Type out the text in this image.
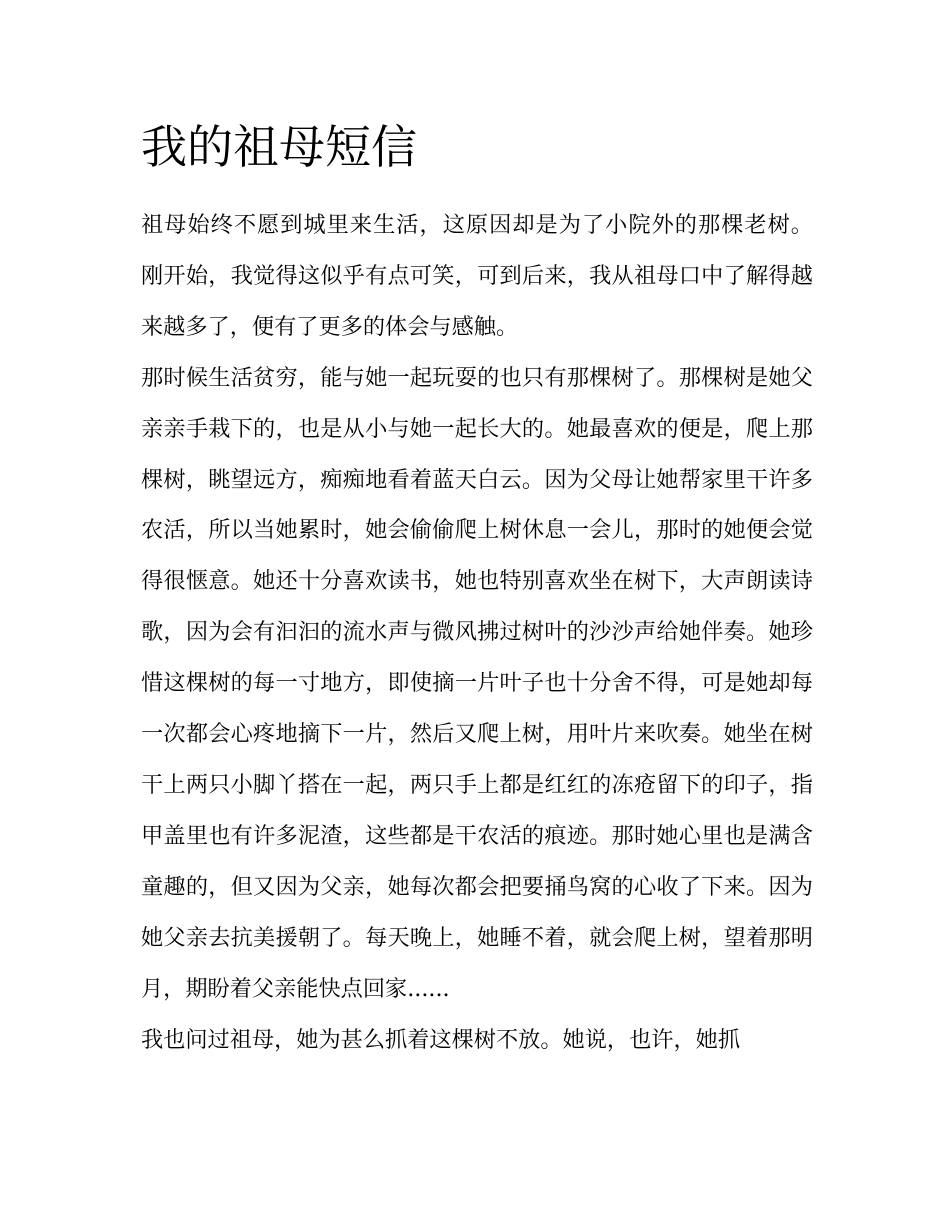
我的祖母短信

祖母始终不愿到城里来生活，这原因却是为了小院外的那棵老树。 刚开始，我觉得这似乎有点可笑，可到后来，我从祖母口中了解得越来越多了，便有了更多的体会与感触。

那时候生活贫穷，能与她一起玩耍的也只有那棵树了。那棵树是她父亲亲手栽下的，也是从小与她一起长大的。她最喜欢的便是，爬上那棵树，眺望远方，痴痴地看着蓝天白云。因为父母让她帮家里干许多农活，所以当她累时，她会偷偷爬上树休息一会儿，那时的她便会觉得很惬意。她还十分喜欢读书，她也特别喜欢坐在树下，大声朗读诗歌，因为会有汩汩的流水声与微风拂过树叶的沙沙声给她伴奏。她珍惜这棵树的每一寸地方，即使摘一片叶子也十分舍不得，可是她却每一次都会心疼地摘下一片，然后又爬上树，用叶片来吹奏。她坐在树干上两只小脚丫搭在一起，两只手上都是红红的冻疮留下的印子，指甲盖里也有许多泥渣，这些都是干农活的痕迹。那时她心里也是满含童趣的，但又因为父亲，她每次都会把要捅鸟窝的心收了下来。因为她父亲去抗美援朝了。每天晚上，她睡不着，就会爬上树，望着那明月，期盼着父亲能快点回家......

我也问过祖母，她为甚么抓着这棵树不放。她说，也许，她抓
